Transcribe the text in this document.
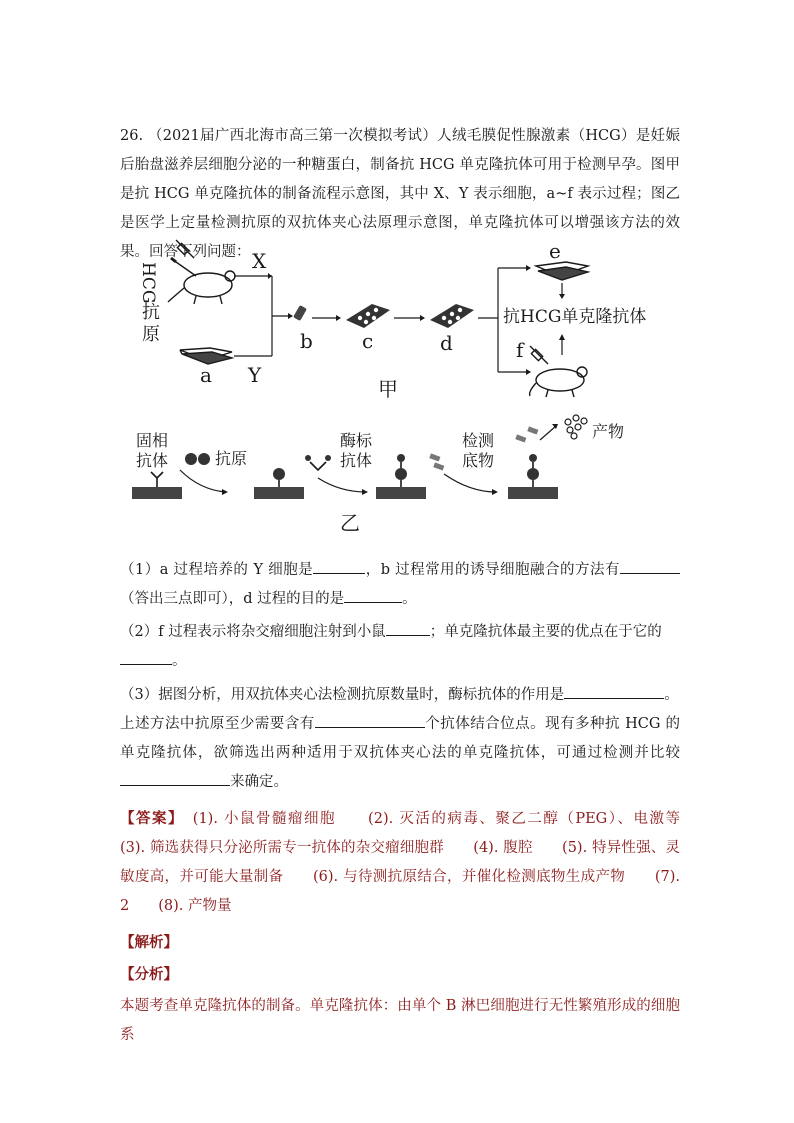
26. （2021届广西北海市高三第一次模拟考试）人绒毛膜促性腺激素（HCG）是妊娠后胎盘滋养层细胞分泌的一种糖蛋白，制备抗 HCG 单克隆抗体可用于检测早孕。图甲是抗 HCG 单克隆抗体的制备流程示意图，其中 X、Y 表示细胞，a~f 表示过程；图乙是医学上定量检测抗原的双抗体夹心法原理示意图，单克隆抗体可以增强该方法的效果。回答下列问题：

HCG
抗
原
X
a Y
b c	d
e
抗HCG单克隆抗体
f
甲
固相
抗体	抗原
酶标
抗体
检测
底物
产物
乙

（1）a 过程培养的 Y 细胞是	，b 过程常用的诱导细胞融合的方法有（答出三点即可），d 过程的目的是	。

（2）f 过程表示将杂交瘤细胞注射到小鼠	；单克隆抗体最主要的优点在于它的
。

（3）据图分析，用双抗体夹心法检测抗原数量时，酶标抗体的作用是	。
上述方法中抗原至少需要含有	个抗体结合位点。现有多种抗 HCG 的单克隆抗体，欲筛选出两种适用于双抗体夹心法的单克隆抗体，可通过检测并比较来确定。

【答案】　 (1). 小鼠骨髓瘤细胞　　(2). 灭活的病毒、聚乙二醇（PEG）、电激等　　(3). 筛选获得只分泌所需专一抗体的杂交瘤细胞群　　(4). 腹腔　　(5). 特异性强、灵敏度高，并可能大量制备　　(6). 与待测抗原结合，并催化检测底物生成产物　　(7). 2　　(8). 产物量

【解析】

【分析】

本题考查单克隆抗体的制备。单克隆抗体：由单个 B 淋巴细胞进行无性繁殖形成的细胞系
